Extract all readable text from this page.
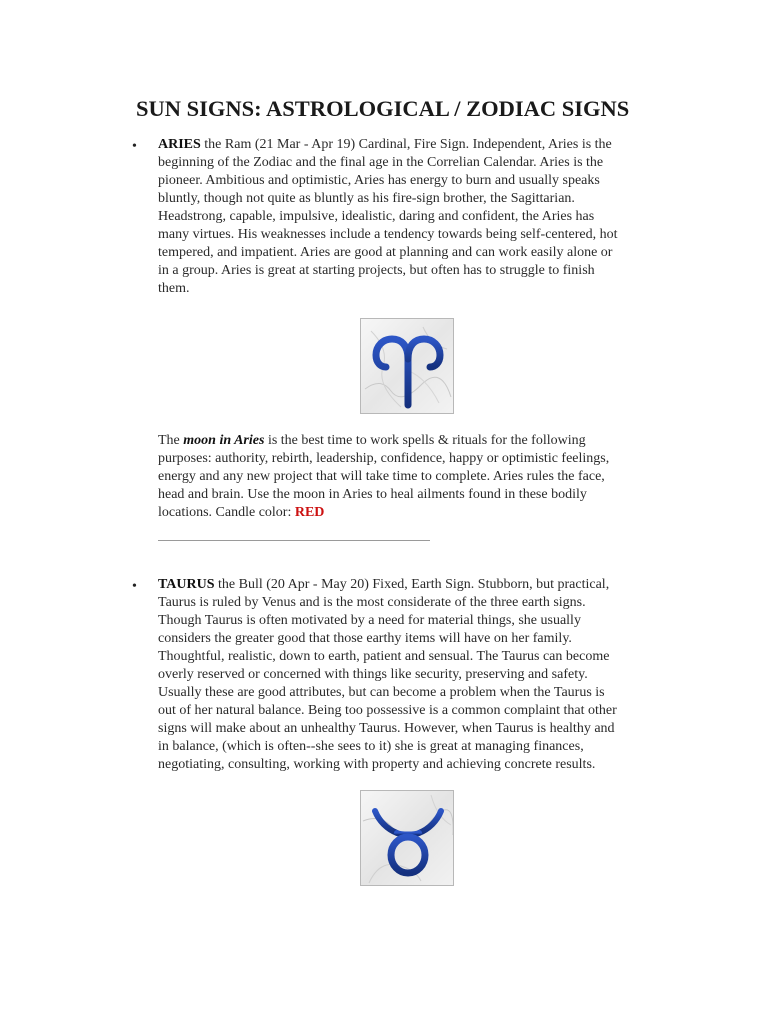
SUN SIGNS: ASTROLOGICAL / ZODIAC SIGNS
• ARIES the Ram (21 Mar - Apr 19) Cardinal, Fire Sign. Independent, Aries is the
beginning of the Zodiac and the final age in the Correlian Calendar. Aries is the
pioneer. Ambitious and optimistic, Aries has energy to burn and usually speaks
bluntly, though not quite as bluntly as his fire-sign brother, the Sagittarian.
Headstrong, capable, impulsive, idealistic, daring and confident, the Aries has
many virtues. His weaknesses include a tendency towards being self-centered, hot
tempered, and impatient. Aries are good at planning and can work easily alone or
in a group. Aries is great at starting projects, but often has to struggle to finish
them.
The moon in Aries is the best time to work spells & rituals for the following
purposes: authority, rebirth, leadership, confidence, happy or optimistic feelings,
energy and any new project that will take time to complete. Aries rules the face,
head and brain. Use the moon in Aries to heal ailments found in these bodily
locations. Candle color: RED
• TAURUS the Bull (20 Apr - May 20) Fixed, Earth Sign. Stubborn, but practical,
Taurus is ruled by Venus and is the most considerate of the three earth signs.
Though Taurus is often motivated by a need for material things, she usually
considers the greater good that those earthy items will have on her family.
Thoughtful, realistic, down to earth, patient and sensual. The Taurus can become
overly reserved or concerned with things like security, preserving and safety.
Usually these are good attributes, but can become a problem when the Taurus is
out of her natural balance. Being too possessive is a common complaint that other
signs will make about an unhealthy Taurus. However, when Taurus is healthy and
in balance, (which is often--she sees to it) she is great at managing finances,
negotiating, consulting, working with property and achieving concrete results.
